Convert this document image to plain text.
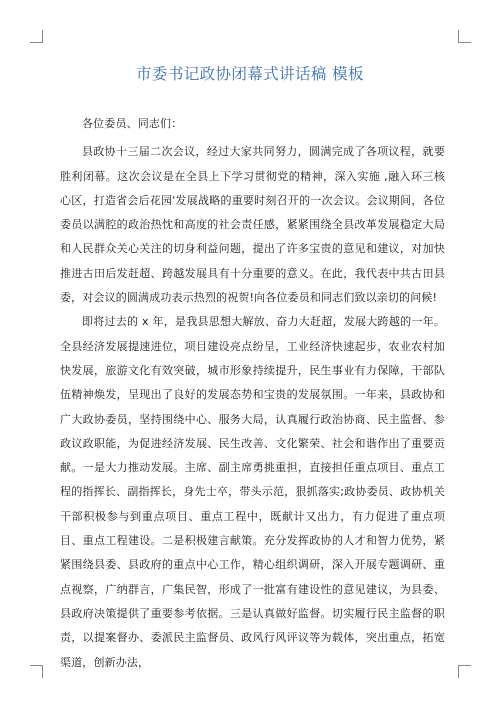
市委书记政协闭幕式讲话稿 模板

各位委员、同志们：

县政协十三届二次会议，经过大家共同努力，圆满完成了各项议程，就要胜利闭幕。这次会议是在全县上下学习贯彻党的精神，深入实施 ,融入环三核心区，打造省会后花园'发展战略的重要时刻召开的一次会议。会议期间，各位委员以满腔的政治热忱和高度的社会责任感，紧紧围绕全县改革发展稳定大局和人民群众关心关注的切身利益问题，提出了许多宝贵的意见和建议，对加快推进古田后发赶超、跨越发展具有十分重要的意义。在此，我代表中共古田县委，对会议的圆满成功表示热烈的祝贺!向各位委员和同志们致以亲切的问候!

即将过去的 x 年，是我县思想大解放、奋力大赶超，发展大跨越的一年。全县经济发展提速进位，项目建设亮点纷呈，工业经济快速起步，农业农村加快发展，旅游文化有效突破，城市形象持续提升，民生事业有力保障，干部队伍精神焕发，呈现出了良好的发展态势和宝贵的发展氛围。一年来，县政协和广大政协委员，坚持围绕中心、服务大局，认真履行政治协商、民主监督、参政议政职能，为促进经济发展、民生改善、文化繁荣、社会和谐作出了重要贡献。一是大力推动发展。主席、副主席勇挑重担，直接担任重点项目、重点工程的指挥长、副指挥长，身先士卒，带头示范，狠抓落实;政协委员、政协机关干部积极参与到重点项目、重点工程中，既献计又出力，有力促进了重点项目、重点工程建设。二是积极建言献策。充分发挥政协的人才和智力优势，紧紧围绕县委、县政府的重点中心工作，精心组织调研，深入开展专题调研、重点视察，广纳群言，广集民智，形成了一批富有建设性的意见建议，为县委、县政府决策提供了重要参考依据。三是认真做好监督。切实履行民主监督的职责，以提案督办、委派民主监督员、政风行风评议等为载体，突出重点，拓宽渠道，创新办法，
